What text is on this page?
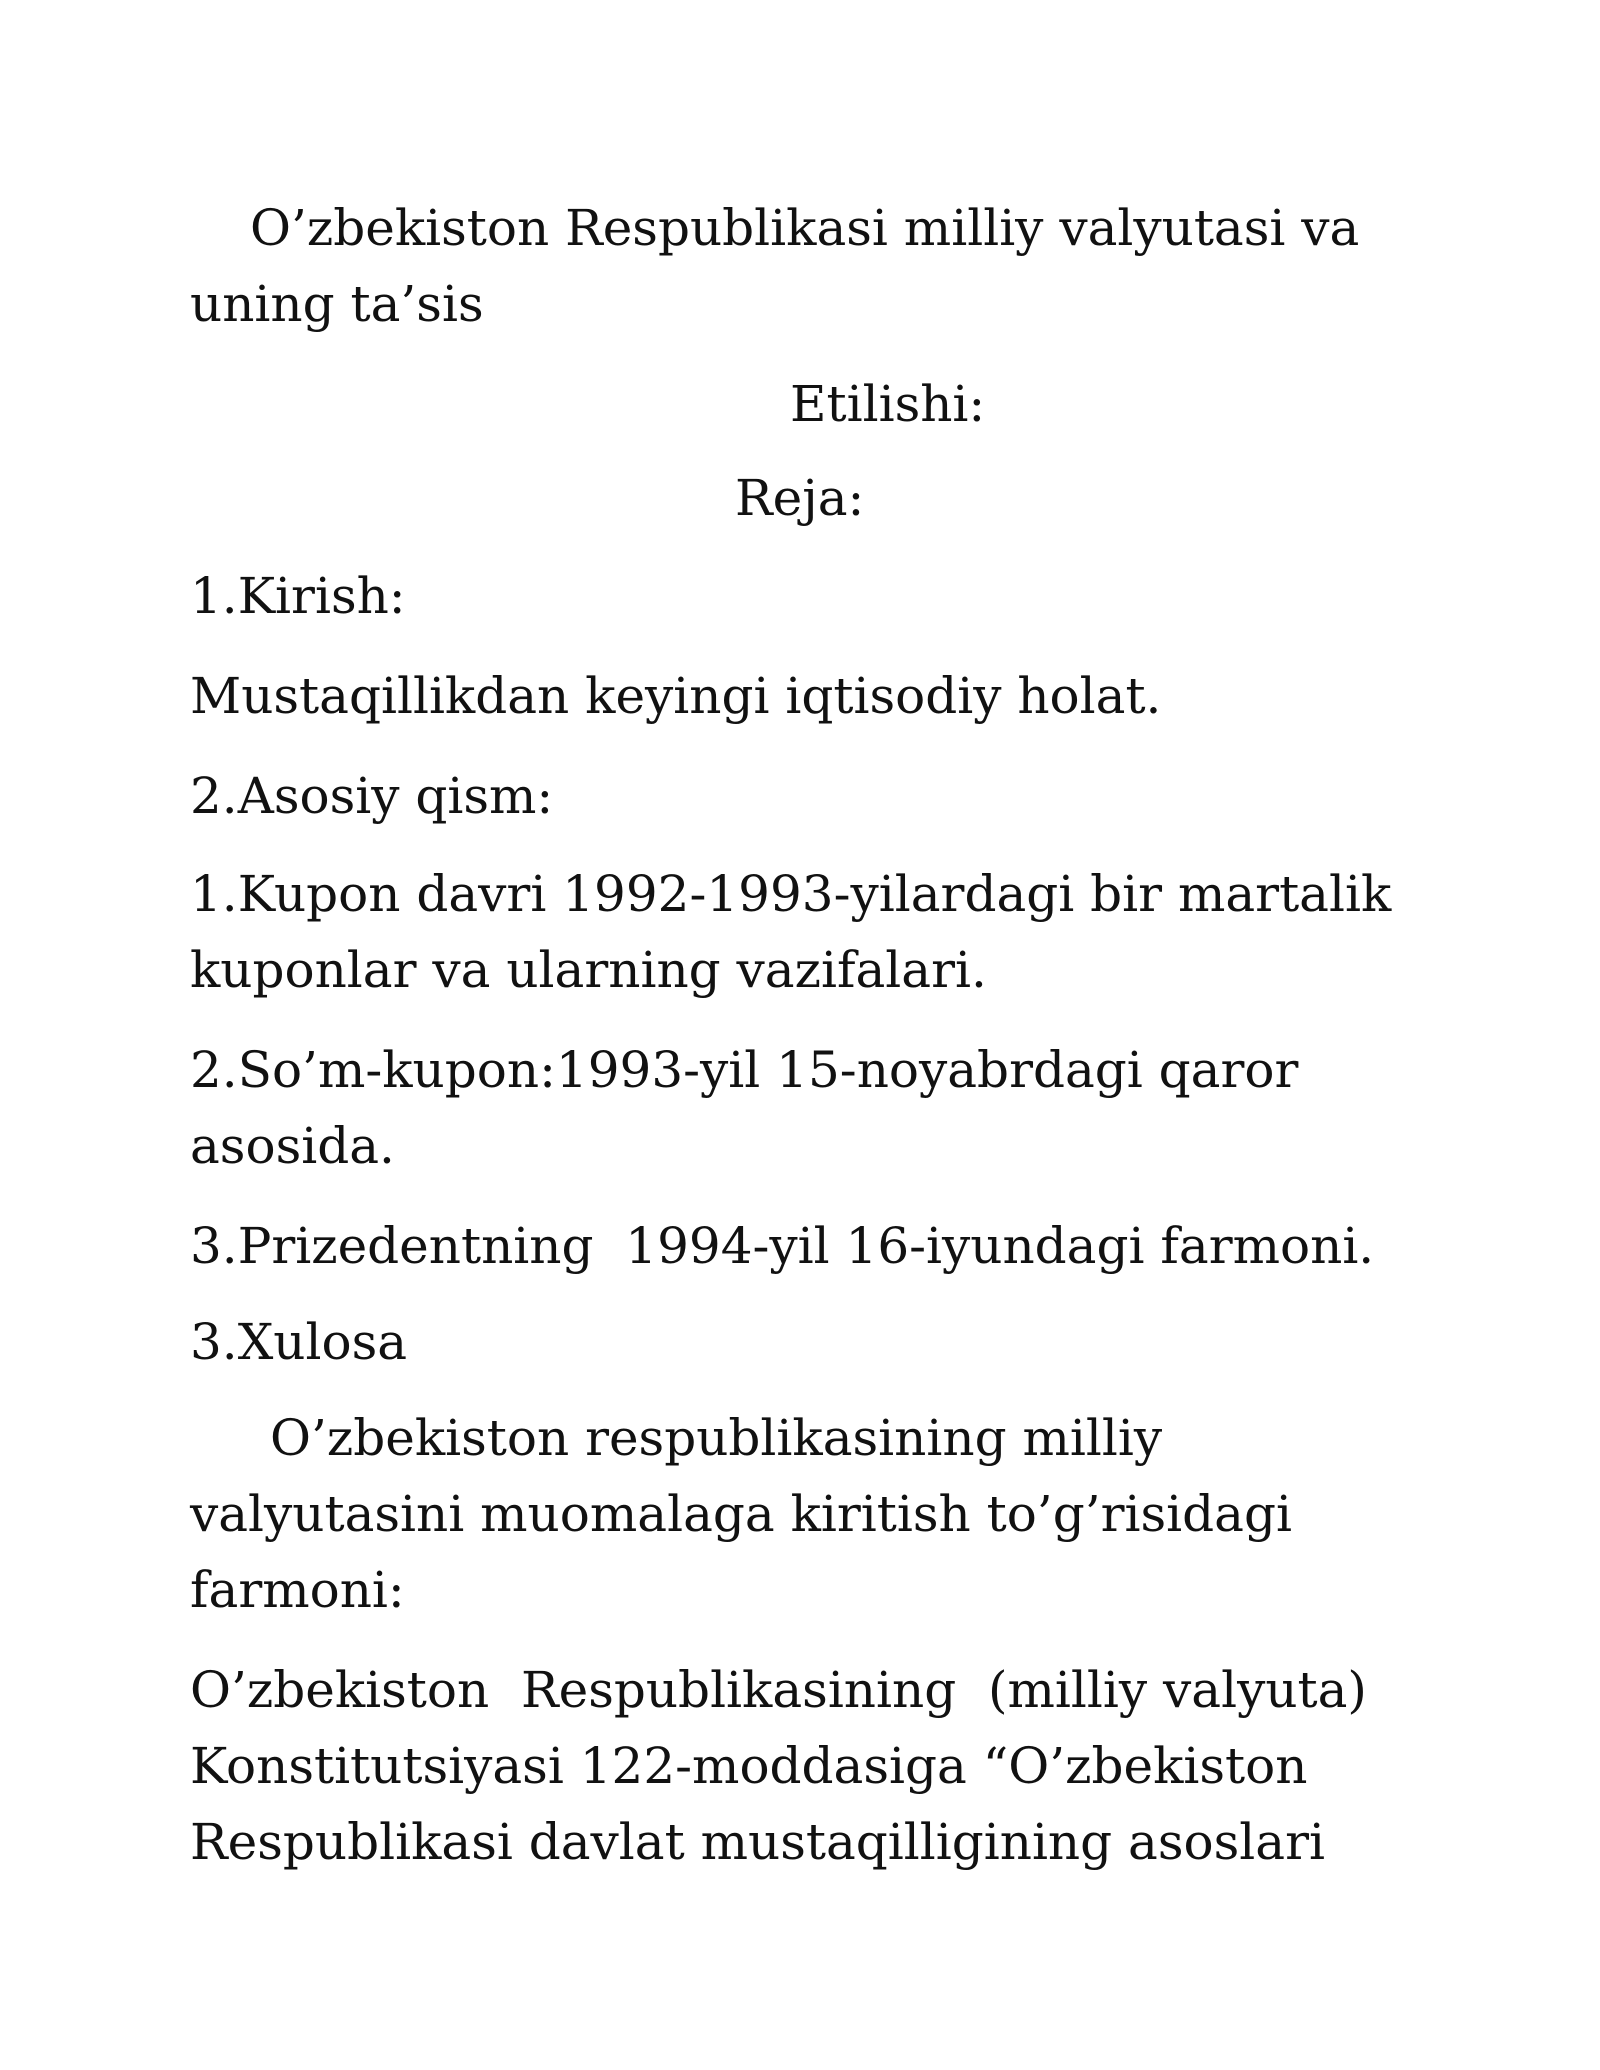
O’zbekiston Respublikasi milliy valyutasi va

uning ta’sis

Etilishi:

Reja:

1.Kirish:

Mustaqillikdan keyingi iqtisodiy holat.

2.Asosiy qism:

1.Kupon davri 1992-1993-yilardagi bir martalik

kuponlar va ularning vazifalari.

2.So’m-kupon:1993-yil 15-noyabrdagi qaror

asosida.

3.Prizedentning  1994-yil 16-iyundagi farmoni.

3.Xulosa

O’zbekiston respublikasining milliy

valyutasini muomalaga kiritish to’g’risidagi

farmoni:

O’zbekiston  Respublikasining  (milliy valyuta)

Konstitutsiyasi 122-moddasiga “O’zbekiston

Respublikasi davlat mustaqilligining asoslari
